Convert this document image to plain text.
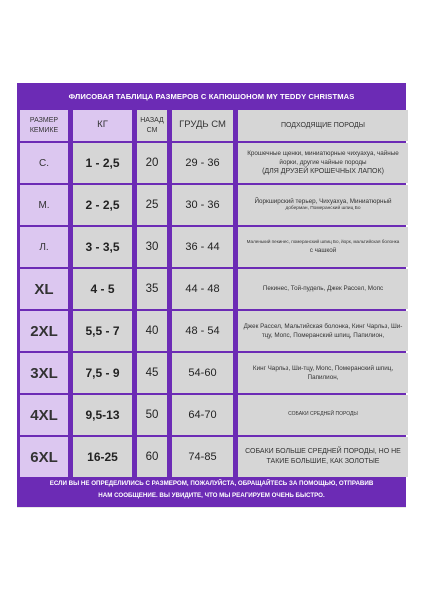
ФЛИСОВАЯ ТАБЛИЦА РАЗМЕРОВ С КАПЮШОНОМ MY TEDDY CHRISTMAS
РАЗМЕР КЕМИКЕ	КГ	НАЗАД СМ	ГРУДЬ СМ	ПОДХОДЯЩИЕ ПОРОДЫ
С.	1 - 2,5	20	29 - 36
Крошечные щенки, миниатюрные чихуахуа, чайные йорки, другие чайные породы
(ДЛЯ ДРУЗЕЙ КРОШЕЧНЫХ ЛАПОК)
М.	2 - 2,5	25	30 - 36	Йоркширский терьер, Чихуахуа, Миниатюрный
доберман, Померанский шпиц Бо
Л.	3 - 3,5	30	36 - 44	Маленький пекинес, померанский шпиц Бо, йорк, мальтийская болонка
с чашкой
XL	4 - 5	35	44 - 48	Пекинес, Той-пудель, Джек Рассел, Мопс
2XL	5,5 - 7	40	48 - 54	Джек Рассел, Мальтийская болонка, Кинг Чарльз, Ши-тцу, Мопс, Померанский шпиц, Папилион,
3XL	7,5 - 9	45	54-60	Кинг Чарльз, Ши-тцу, Мопс, Померанский шпиц, Папилион,
4XL	9,5-13	50	64-70	СОБАКИ СРЕДНЕЙ ПОРОДЫ
6XL	16-25	60	74-85	СОБАКИ БОЛЬШЕ СРЕДНЕЙ ПОРОДЫ, НО НЕ ТАКИЕ БОЛЬШИЕ, КАК ЗОЛОТЫЕ
ЕСЛИ ВЫ НЕ ОПРЕДЕЛИЛИСЬ С РАЗМЕРОМ, ПОЖАЛУЙСТА, ОБРАЩАЙТЕСЬ ЗА ПОМОЩЬЮ, ОТПРАВИВ
НАМ СООБЩЕНИЕ. ВЫ УВИДИТЕ, ЧТО МЫ РЕАГИРУЕМ ОЧЕНЬ БЫСТРО.
